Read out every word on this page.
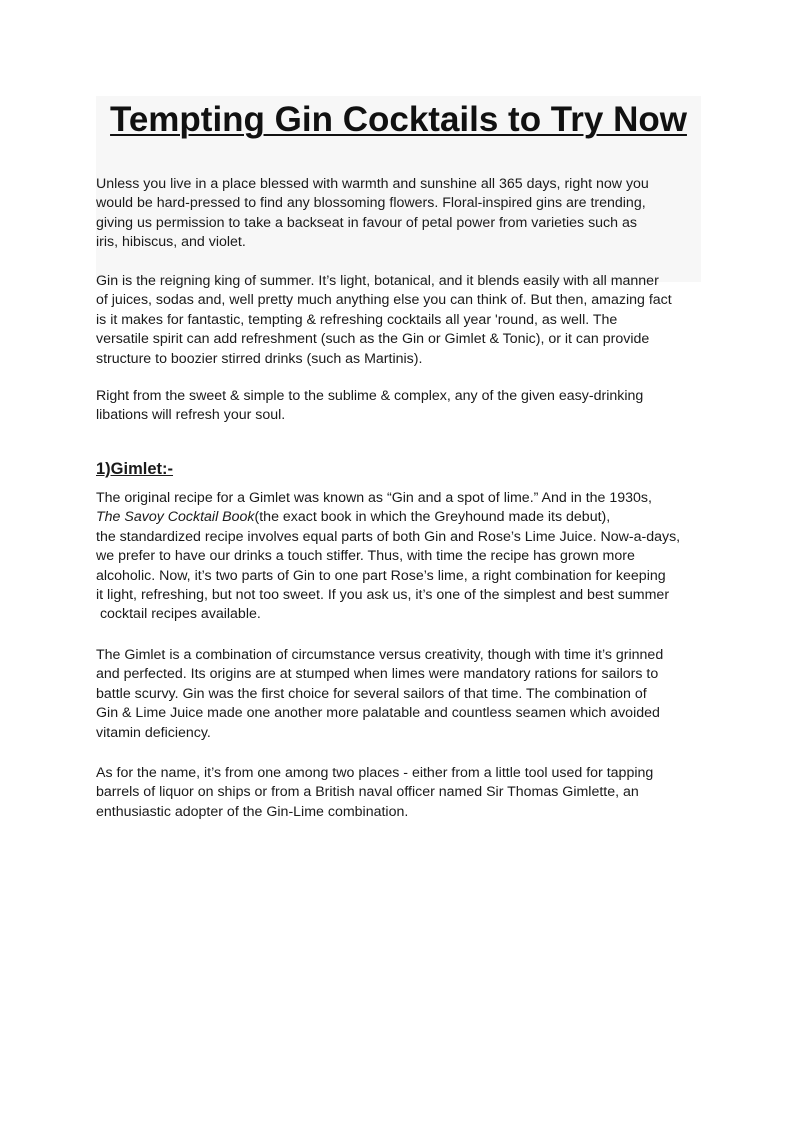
Tempting Gin Cocktails to Try Now
Unless you live in a place blessed with warmth and sunshine all 365 days, right now you
would be hard-pressed to find any blossoming flowers. Floral-inspired gins are trending,
giving us permission to take a backseat in favour of petal power from varieties such as
iris, hibiscus, and violet.
Gin is the reigning king of summer. It’s light, botanical, and it blends easily with all manner
of juices, sodas and, well pretty much anything else you can think of. But then, amazing fact
is it makes for fantastic, tempting & refreshing cocktails all year 'round, as well. The
versatile spirit can add refreshment (such as the Gin or Gimlet & Tonic), or it can provide
structure to boozier stirred drinks (such as Martinis).
Right from the sweet & simple to the sublime & complex, any of the given easy-drinking
libations will refresh your soul.
1)Gimlet:-
The original recipe for a Gimlet was known as “Gin and a spot of lime.” And in the 1930s,
The Savoy Cocktail Book(the exact book in which the Greyhound made its debut),
the standardized recipe involves equal parts of both Gin and Rose’s Lime Juice. Now-a-days,
we prefer to have our drinks a touch stiffer. Thus, with time the recipe has grown more
alcoholic. Now, it’s two parts of Gin to one part Rose’s lime, a right combination for keeping
it light, refreshing, but not too sweet. If you ask us, it’s one of the simplest and best summer
cocktail recipes available.
The Gimlet is a combination of circumstance versus creativity, though with time it’s grinned
and perfected. Its origins are at stumped when limes were mandatory rations for sailors to
battle scurvy. Gin was the first choice for several sailors of that time. The combination of
Gin & Lime Juice made one another more palatable and countless seamen which avoided
vitamin deficiency.
As for the name, it’s from one among two places - either from a little tool used for tapping
barrels of liquor on ships or from a British naval officer named Sir Thomas Gimlette, an
enthusiastic adopter of the Gin-Lime combination.
